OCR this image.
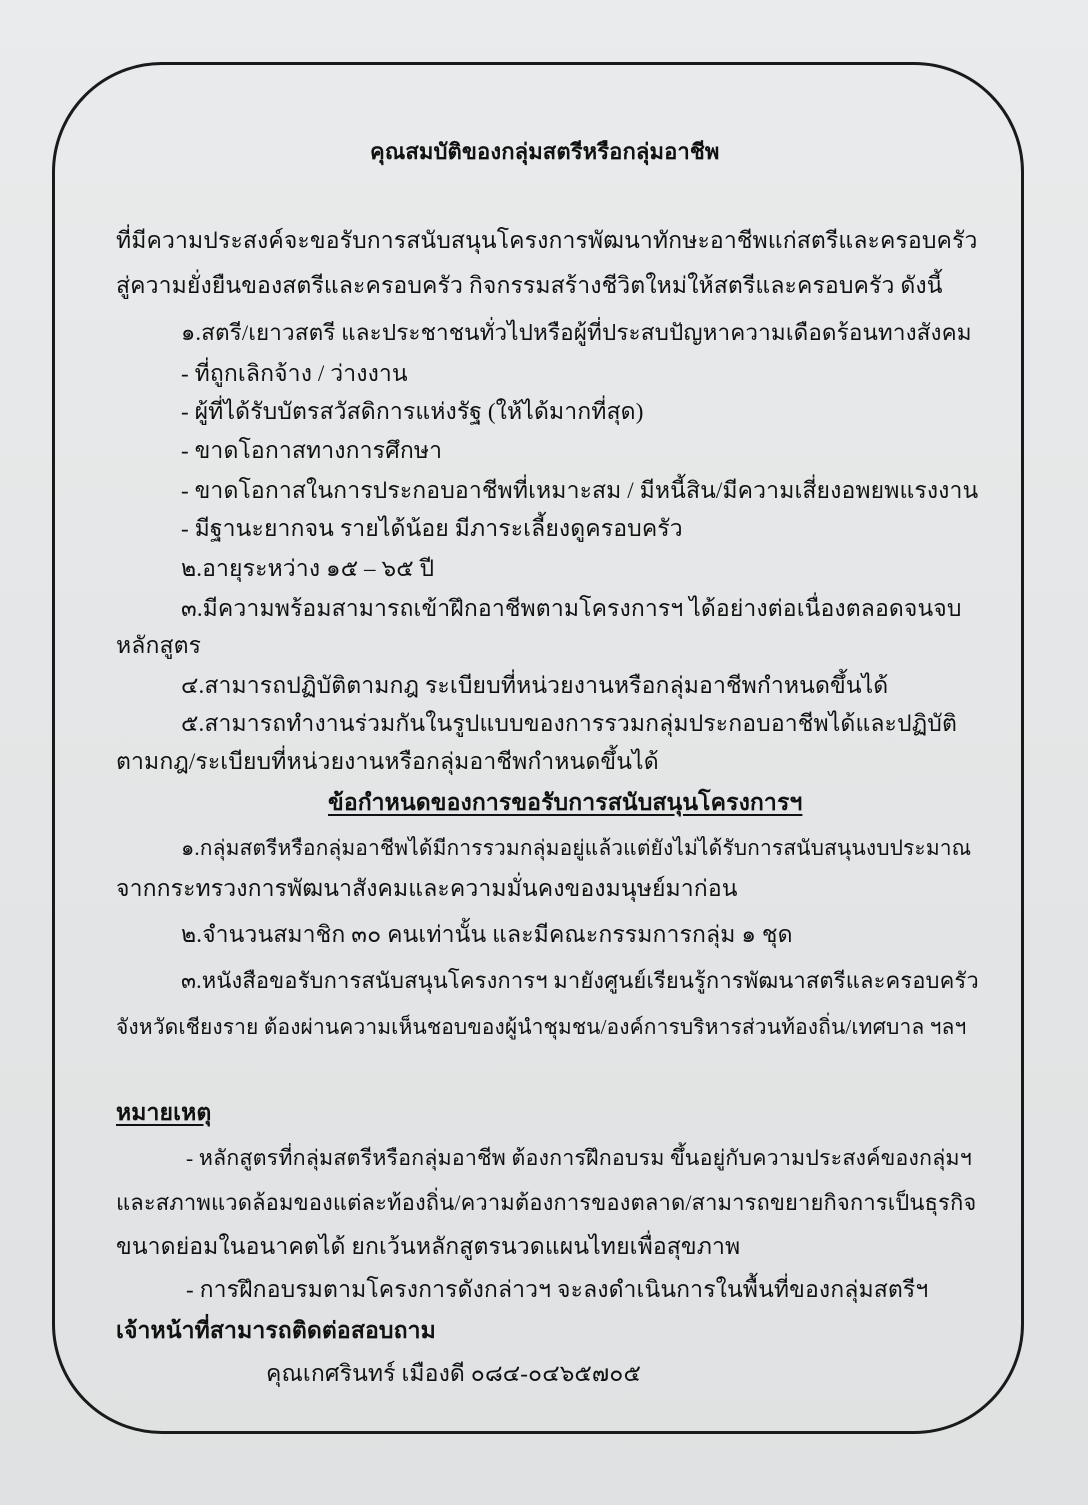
คุณสมบัติของกลุ่มสตรีหรือกลุ่มอาชีพ
ที่มีความประสงค์จะขอรับการสนับสนุนโครงการพัฒนาทักษะอาชีพแก่สตรีและครอบครัว
สู่ความยั่งยืนของสตรีและครอบครัว กิจกรรมสร้างชีวิตใหม่ให้สตรีและครอบครัว ดังนี้
๑.สตรี/เยาวสตรี และประชาชนทั่วไปหรือผู้ที่ประสบปัญหาความเดือดร้อนทางสังคม
- ที่ถูกเลิกจ้าง / ว่างงาน
- ผู้ที่ได้รับบัตรสวัสดิการแห่งรัฐ (ให้ได้มากที่สุด)
- ขาดโอกาสทางการศึกษา
- ขาดโอกาสในการประกอบอาชีพที่เหมาะสม / มีหนี้สิน/มีความเสี่ยงอพยพแรงงาน
- มีฐานะยากจน รายได้น้อย มีภาระเลี้ยงดูครอบครัว
๒.อายุระหว่าง ๑๕ – ๖๕ ปี
๓.มีความพร้อมสามารถเข้าฝึกอาชีพตามโครงการฯ ได้อย่างต่อเนื่องตลอดจนจบ
หลักสูตร
๔.สามารถปฏิบัติตามกฎ ระเบียบที่หน่วยงานหรือกลุ่มอาชีพกำหนดขึ้นได้
๕.สามารถทำงานร่วมกันในรูปแบบของการรวมกลุ่มประกอบอาชีพได้และปฏิบัติ
ตามกฎ/ระเบียบที่หน่วยงานหรือกลุ่มอาชีพกำหนดขึ้นได้
ข้อกำหนดของการขอรับการสนับสนุนโครงการฯ
๑.กลุ่มสตรีหรือกลุ่มอาชีพได้มีการรวมกลุ่มอยู่แล้วแต่ยังไม่ได้รับการสนับสนุนงบประมาณ
จากกระทรวงการพัฒนาสังคมและความมั่นคงของมนุษย์มาก่อน
๒.จำนวนสมาชิก ๓๐ คนเท่านั้น และมีคณะกรรมการกลุ่ม ๑ ชุด
๓.หนังสือขอรับการสนับสนุนโครงการฯ มายังศูนย์เรียนรู้การพัฒนาสตรีและครอบครัว
จังหวัดเชียงราย ต้องผ่านความเห็นชอบของผู้นำชุมชน/องค์การบริหารส่วนท้องถิ่น/เทศบาล ฯลฯ
หมายเหตุ
- หลักสูตรที่กลุ่มสตรีหรือกลุ่มอาชีพ ต้องการฝึกอบรม ขึ้นอยู่กับความประสงค์ของกลุ่มฯ
และสภาพแวดล้อมของแต่ละท้องถิ่น/ความต้องการของตลาด/สามารถขยายกิจการเป็นธุรกิจ
ขนาดย่อมในอนาคตได้ ยกเว้นหลักสูตรนวดแผนไทยเพื่อสุขภาพ
- การฝึกอบรมตามโครงการดังกล่าวฯ จะลงดำเนินการในพื้นที่ของกลุ่มสตรีฯ
เจ้าหน้าที่สามารถติดต่อสอบถาม
คุณเกศรินทร์ เมืองดี ๐๘๔-๐๔๖๕๗๐๕
